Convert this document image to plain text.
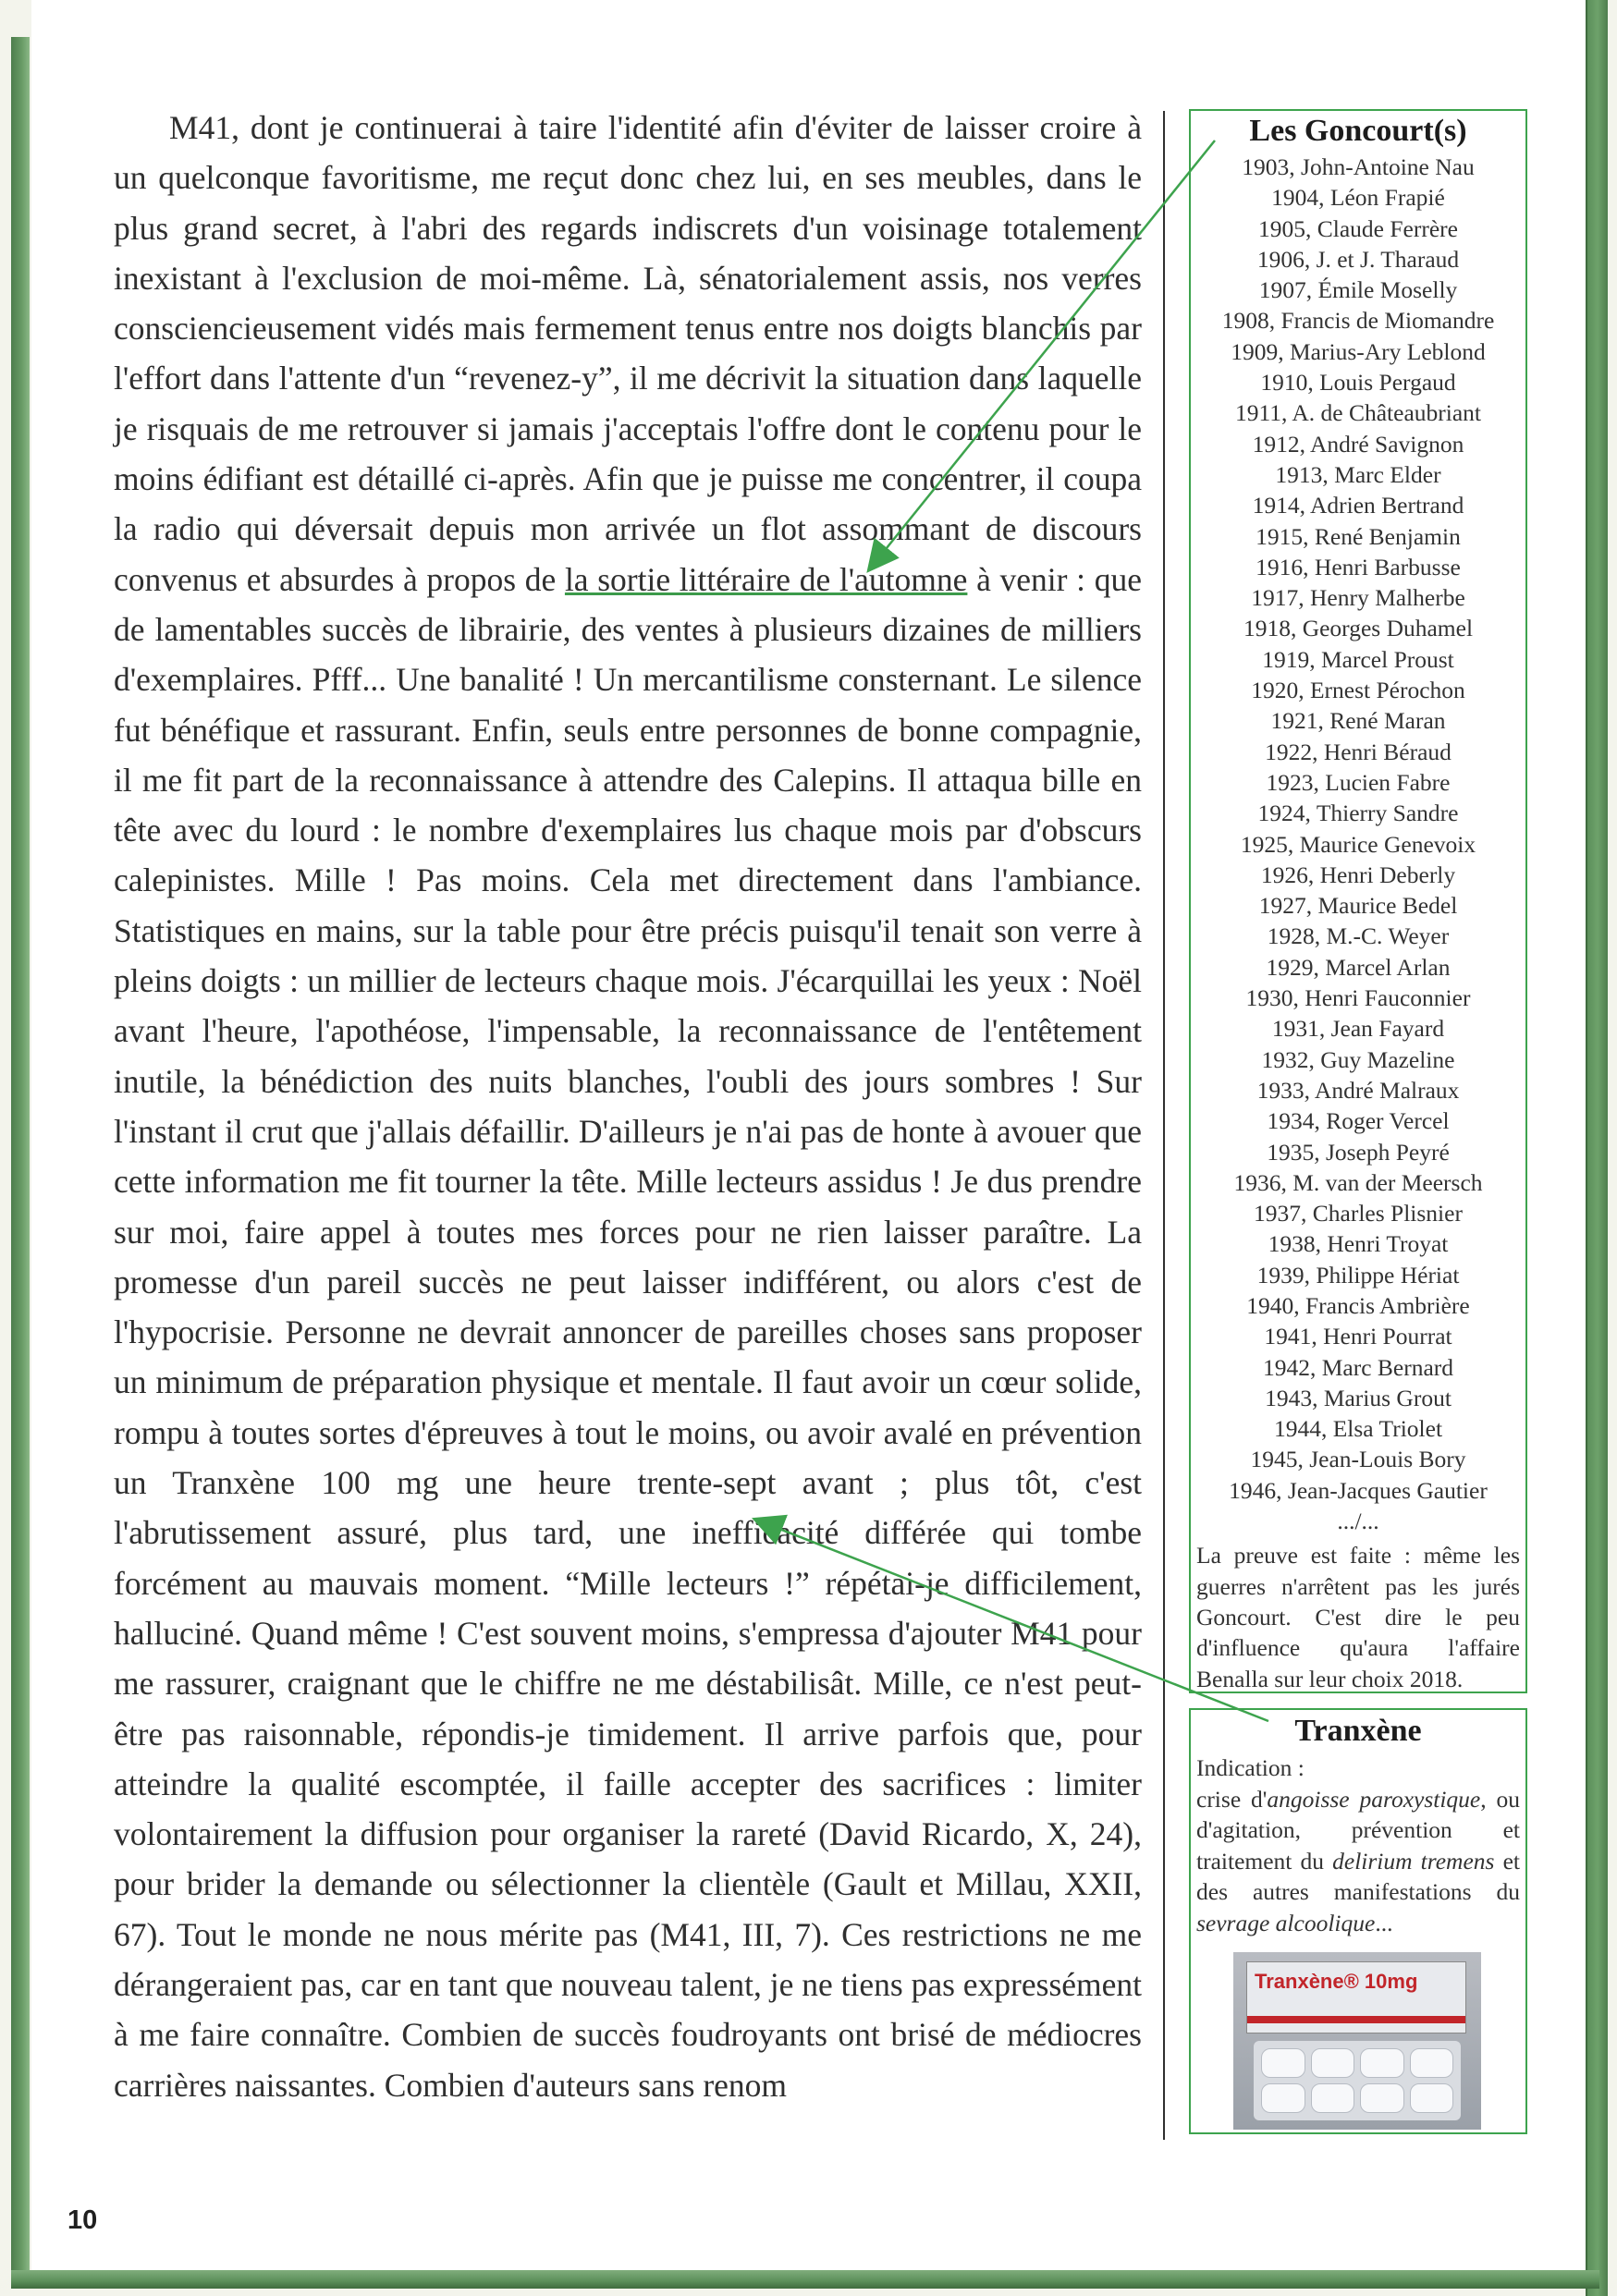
M41, dont je continuerai à taire l'identité afin d'éviter de laisser croire à un quelconque favoritisme, me reçut donc chez lui, en ses meubles, dans le plus grand secret, à l'abri des regards indiscrets d'un voisinage totalement inexistant à l'exclusion de moi-même. Là, sénatorialement assis, nos verres consciencieusement vidés mais fermement tenus entre nos doigts blanchis par l'effort dans l'attente d'un “revenez-y”, il me décrivit la situation dans laquelle je risquais de me retrouver si jamais j'acceptais l'offre dont le contenu pour le moins édifiant est détaillé ci-après. Afin que je puisse me concentrer, il coupa la radio qui déversait depuis mon arrivée un flot assommant de discours convenus et absurdes à propos de la sortie littéraire de l'automne à venir : que de lamentables succès de librairie, des ventes à plusieurs dizaines de milliers d'exemplaires. Pfff... Une banalité ! Un mercantilisme consternant. Le silence fut bénéfique et rassurant. Enfin, seuls entre personnes de bonne compagnie, il me fit part de la reconnaissance à attendre des Calepins. Il attaqua bille en tête avec du lourd : le nombre d'exemplaires lus chaque mois par d'obscurs calepinistes. Mille ! Pas moins. Cela met directement dans l'ambiance. Statistiques en mains, sur la table pour être précis puisqu'il tenait son verre à pleins doigts : un millier de lecteurs chaque mois. J'écarquillai les yeux : Noël avant l'heure, l'apothéose, l'impensable, la reconnaissance de l'entêtement inutile, la bénédiction des nuits blanches, l'oubli des jours sombres ! Sur l'instant il crut que j'allais défaillir. D'ailleurs je n'ai pas de honte à avouer que cette information me fit tourner la tête. Mille lecteurs assidus ! Je dus prendre sur moi, faire appel à toutes mes forces pour ne rien laisser paraître. La promesse d'un pareil succès ne peut laisser indifférent, ou alors c'est de l'hypocrisie. Personne ne devrait annoncer de pareilles choses sans proposer un minimum de préparation physique et mentale. Il faut avoir un cœur solide, rompu à toutes sortes d'épreuves à tout le moins, ou avoir avalé en prévention un Tranxène 100 mg une heure trente-sept avant ; plus tôt, c'est l'abrutissement assuré, plus tard, une inefficacité différée qui tombe forcément au mauvais moment. “Mille lecteurs !” répétai-je difficilement, halluciné. Quand même ! C'est souvent moins, s'empressa d'ajouter M41 pour me rassurer, craignant que le chiffre ne me déstabilisât. Mille, ce n'est peut-être pas raisonnable, répondis-je timidement. Il arrive parfois que, pour atteindre la qualité escomptée, il faille accepter des sacrifices : limiter volontairement la diffusion pour organiser la rareté (David Ricardo, X, 24), pour brider la demande ou sélectionner la clientèle (Gault et Millau, XXII, 67). Tout le monde ne nous mérite pas (M41, III, 7). Ces restrictions ne me dérangeraient pas, car en tant que nouveau talent, je ne tiens pas expressément à me faire connaître. Combien de succès foudroyants ont brisé de médiocres carrières naissantes. Combien d'auteurs sans renom

Les Goncourt(s)
1903, John-Antoine Nau
1904, Léon Frapié
1905, Claude Ferrère
1906, J. et J. Tharaud
1907, Émile Moselly
1908, Francis de Miomandre
1909, Marius-Ary Leblond
1910, Louis Pergaud
1911, A. de Châteaubriant
1912, André Savignon
1913, Marc Elder
1914, Adrien Bertrand
1915, René Benjamin
1916, Henri Barbusse
1917, Henry Malherbe
1918, Georges Duhamel
1919, Marcel Proust
1920, Ernest Pérochon
1921, René Maran
1922, Henri Béraud
1923, Lucien Fabre
1924, Thierry Sandre
1925, Maurice Genevoix
1926, Henri Deberly
1927, Maurice Bedel
1928, M.-C. Weyer
1929, Marcel Arlan
1930, Henri Fauconnier
1931, Jean Fayard
1932, Guy Mazeline
1933, André Malraux
1934, Roger Vercel
1935, Joseph Peyré
1936, M. van der Meersch
1937, Charles Plisnier
1938, Henri Troyat
1939, Philippe Hériat
1940, Francis Ambrière
1941, Henri Pourrat
1942, Marc Bernard
1943, Marius Grout
1944, Elsa Triolet
1945, Jean-Louis Bory
1946, Jean-Jacques Gautier
.../...

La preuve est faite : même les guerres n'arrêtent pas les jurés Goncourt. C'est dire le peu d'influence qu'aura l'affaire Benalla sur leur choix 2018.

Tranxène
Indication :

crise d'angoisse paroxystique, ou d'agitation, prévention et traitement du delirium tremens et des autres manifestations du sevrage alcoolique...

Tranxène® 10mg
10
